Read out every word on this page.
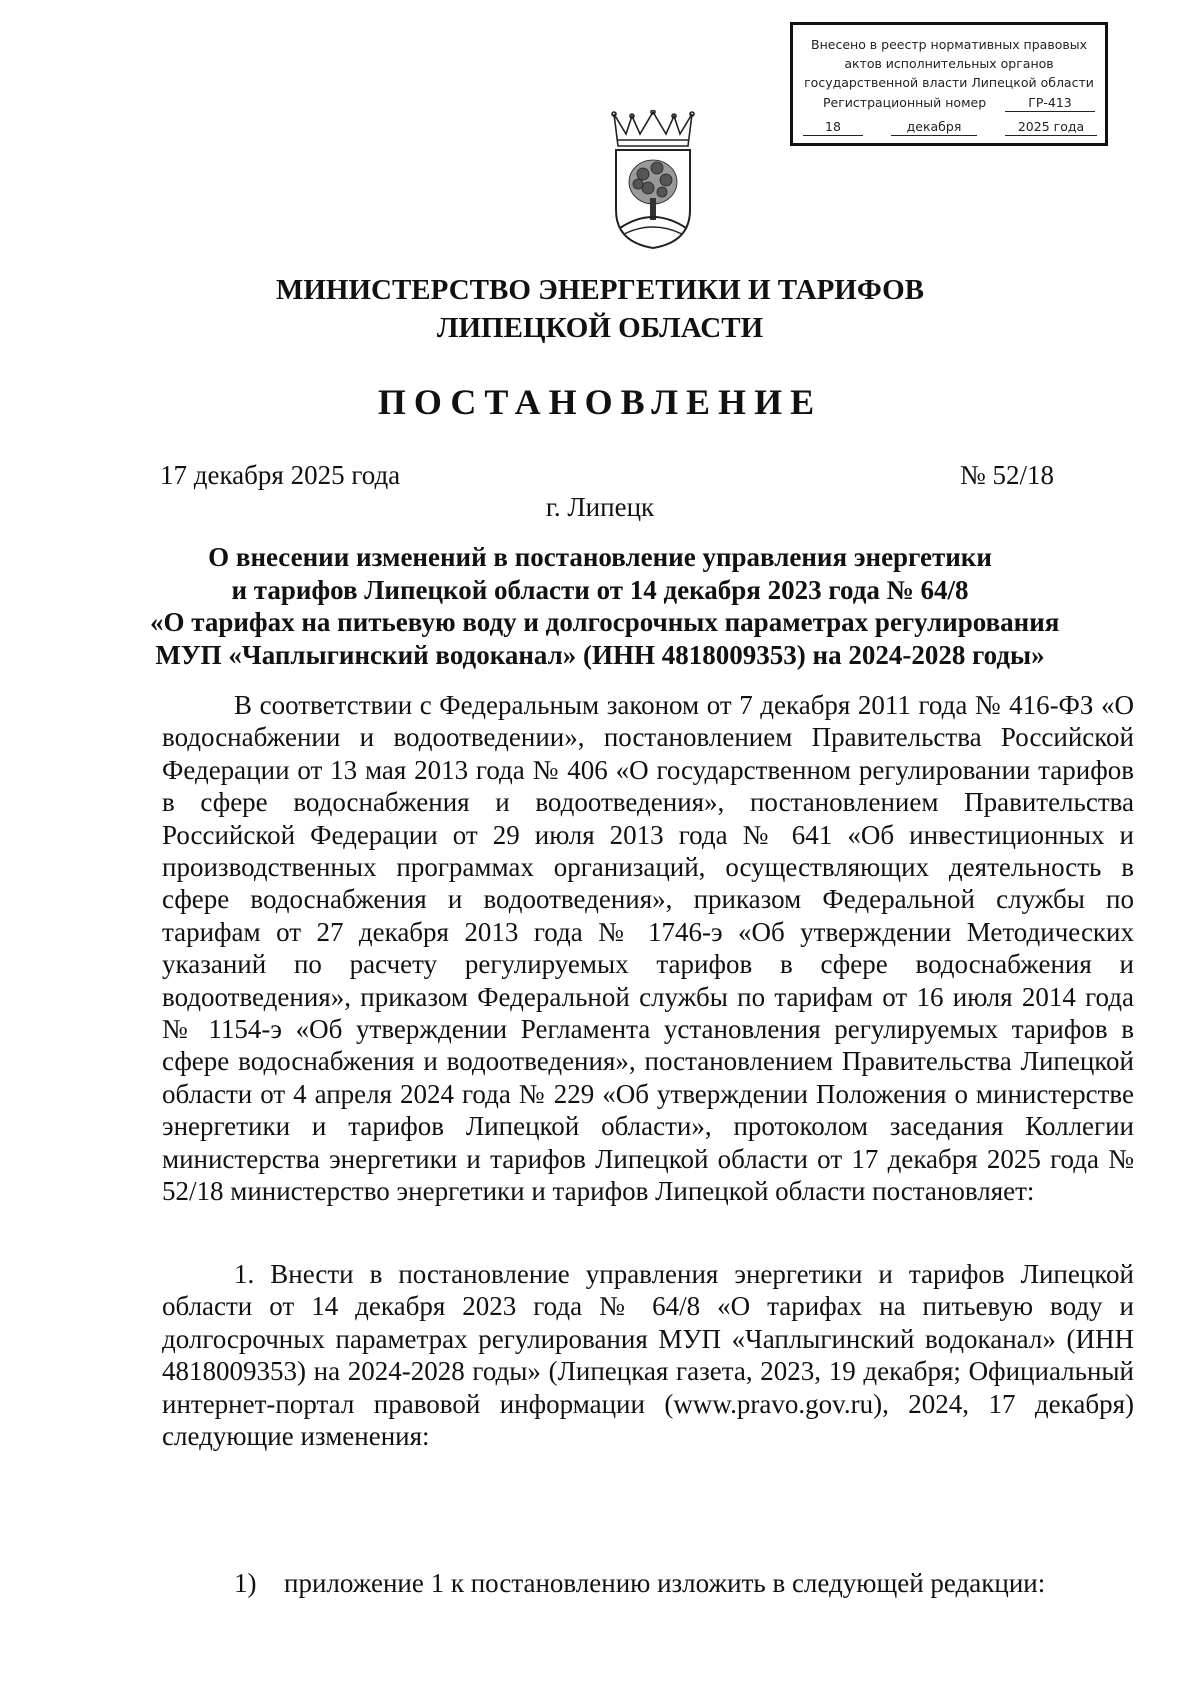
Внесено в реестр нормативных правовых
актов исполнительных органов
государственной власти Липецкой области
Регистрационный номер	ГР-413
18	декабря	2025 года
МИНИСТЕРСТВО ЭНЕРГЕТИКИ И ТАРИФОВ
ЛИПЕЦКОЙ ОБЛАСТИ
ПОСТАНОВЛЕНИЕ
17 декабря 2025 года	№ 52/18
г. Липецк
О внесении изменений в постановление управления энергетики
и тарифов Липецкой области от 14 декабря 2023 года № 64/8
«О тарифах на питьевую воду и долгосрочных параметрах регулирования
МУП «Чаплыгинский водоканал» (ИНН 4818009353) на 2024-2028 годы»
В соответствии с Федеральным законом от 7 декабря 2011 года № 416-ФЗ «О водоснабжении и водоотведении», постановлением Правительства Российской Федерации от 13 мая 2013 года № 406 «О государственном регулировании тарифов в сфере водоснабжения и водоотведения», постановлением Правительства Российской Федерации от 29 июля 2013 года № 641 «Об инвестиционных и производственных программах организаций, осуществляющих деятельность в сфере водоснабжения и водоотведения», приказом Федеральной службы по тарифам от 27 декабря 2013 года № 1746-э «Об утверждении Методических указаний по расчету регулируемых тарифов в сфере водоснабжения и водоотведения», приказом Федеральной службы по тарифам от 16 июля 2014 года № 1154-э «Об утверждении Регламента установления регулируемых тарифов в сфере водоснабжения и водоотведения», постановлением Правительства Липецкой области от 4 апреля 2024 года № 229 «Об утверждении Положения о министерстве энергетики и тарифов Липецкой области», протоколом заседания Коллегии министерства энергетики и тарифов Липецкой области от 17 декабря 2025 года № 52/18 министерство энергетики и тарифов Липецкой области постановляет:
1. Внести в постановление управления энергетики и тарифов Липецкой области от 14 декабря 2023 года № 64/8 «О тарифах на питьевую воду и долгосрочных параметрах регулирования МУП «Чаплыгинский водоканал» (ИНН 4818009353) на 2024-2028 годы» (Липецкая газета, 2023, 19 декабря; Официальный интернет-портал правовой информации (www.pravo.gov.ru), 2024, 17 декабря) следующие изменения:
1) приложение 1 к постановлению изложить в следующей редакции:
